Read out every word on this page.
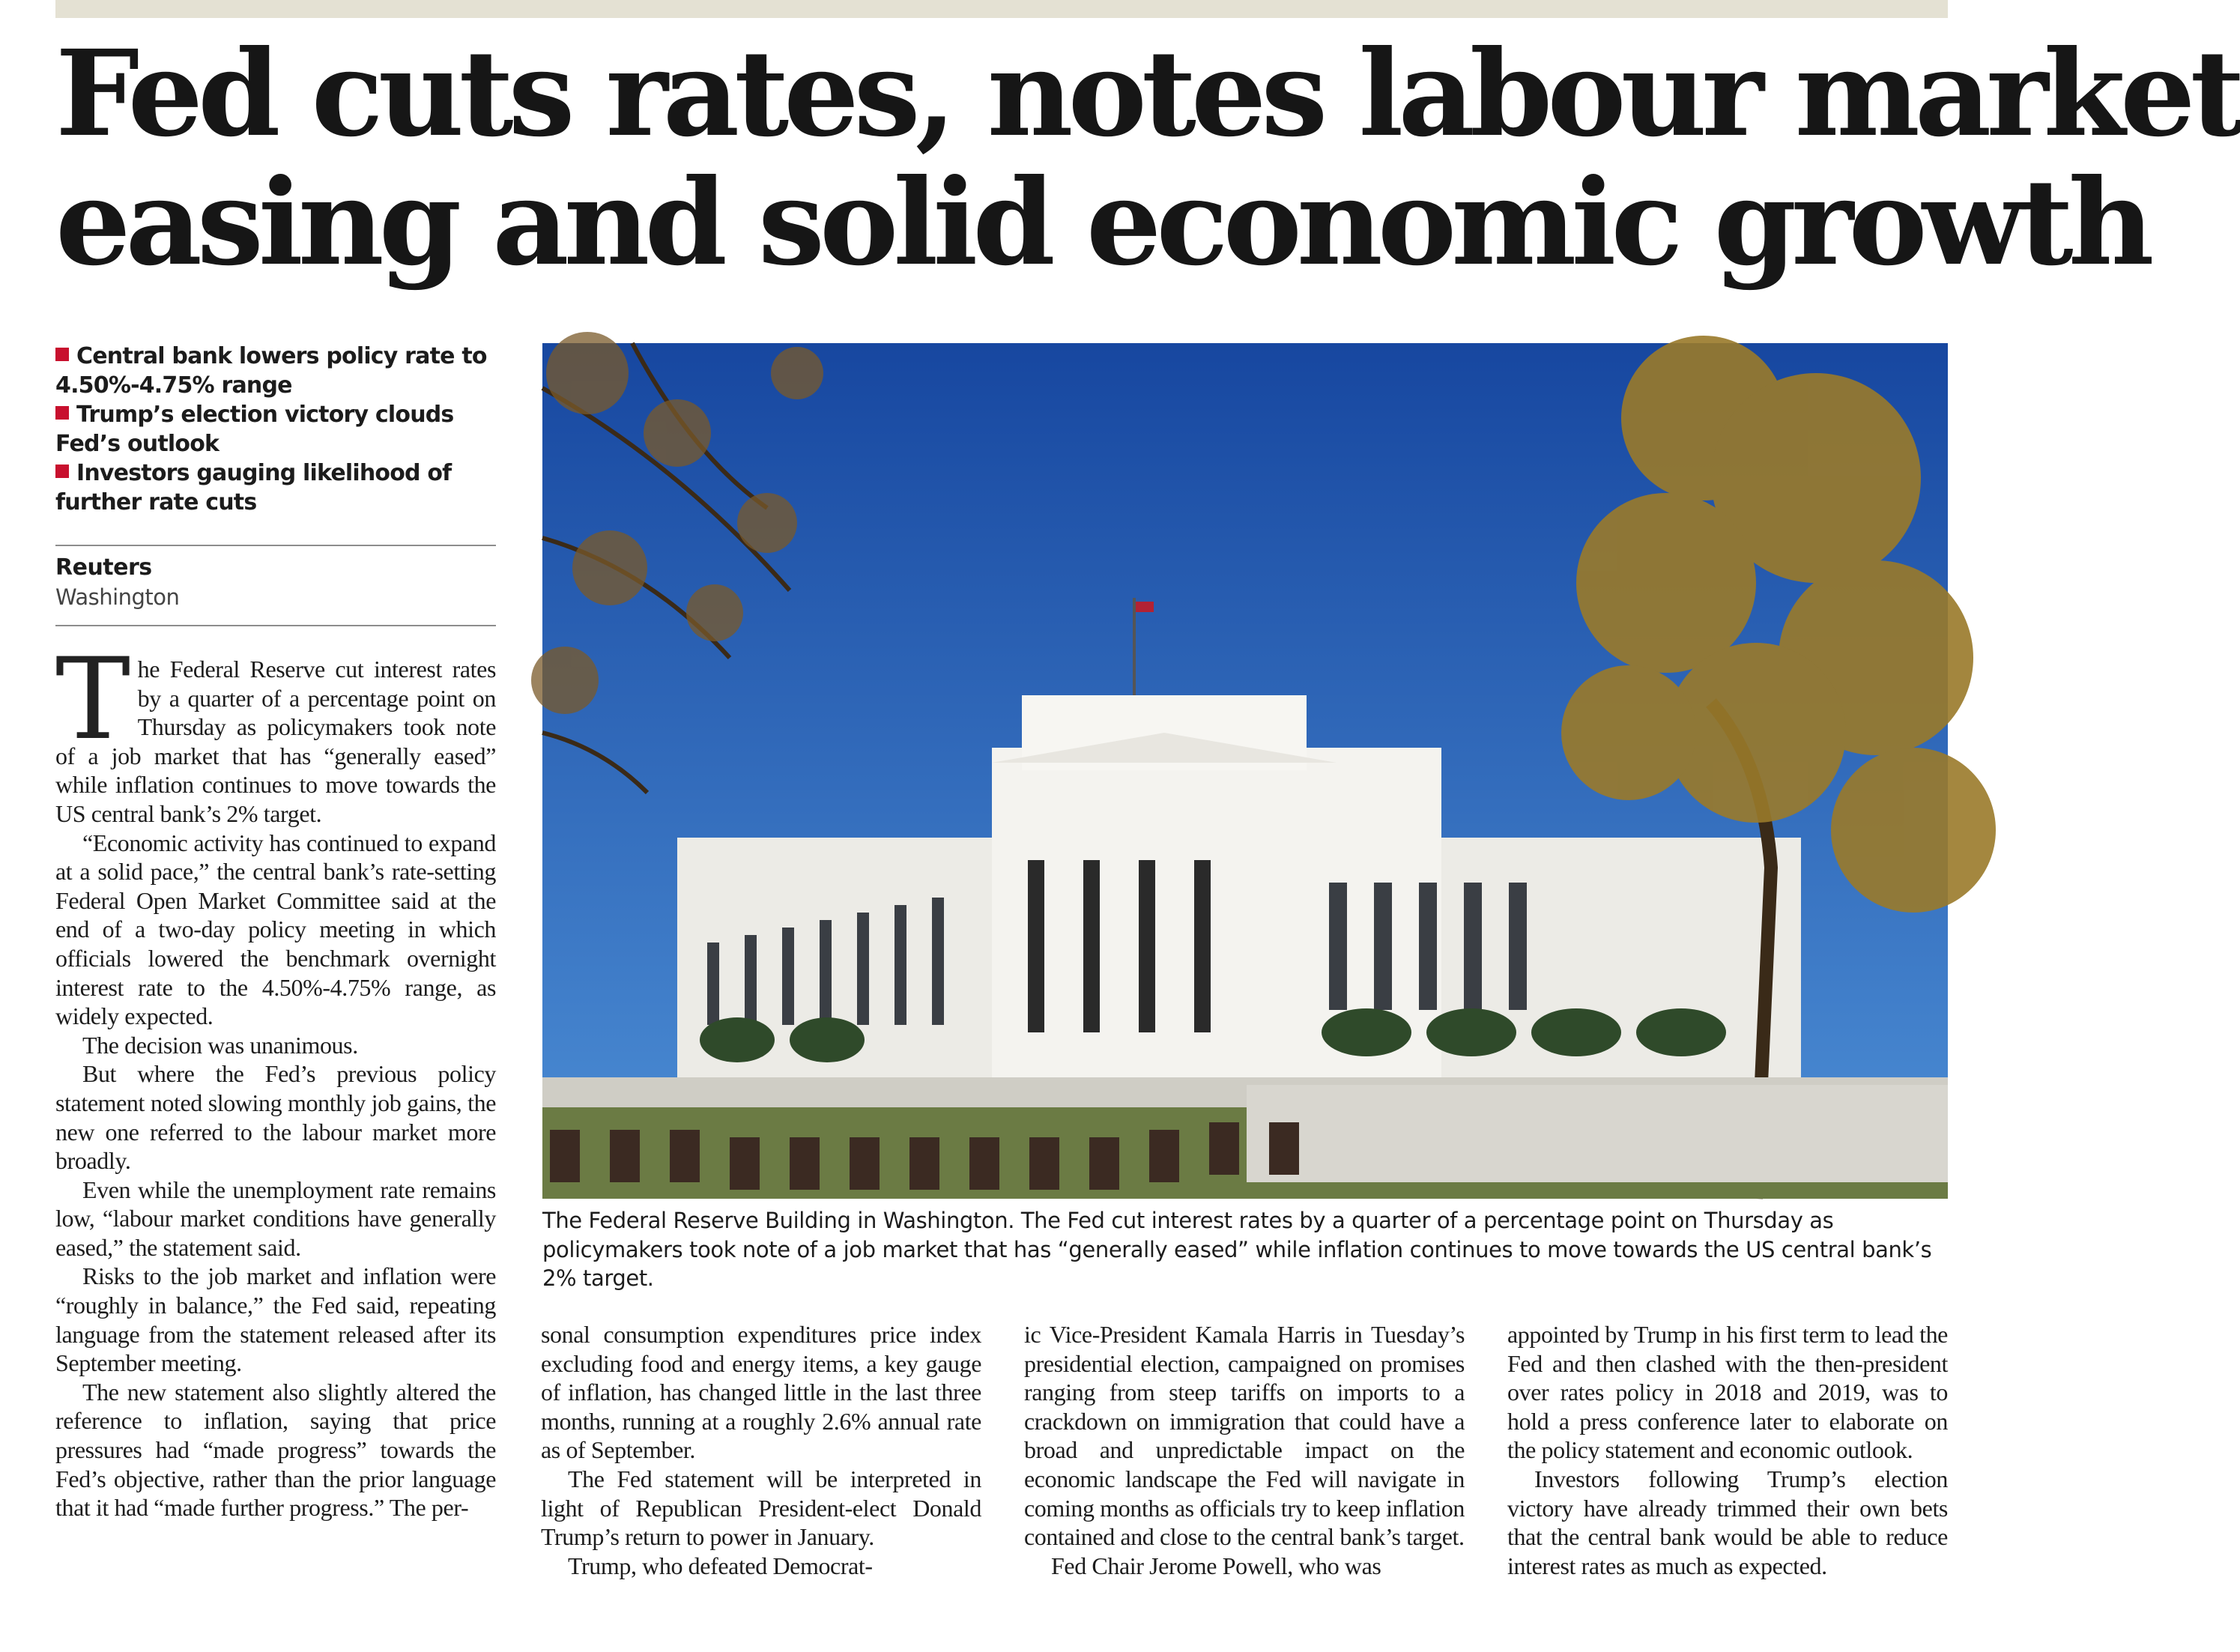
Fed cuts rates, notes labour market
easing and solid economic growth

Central bank lowers policy rate to 4.50%-4.75% range

Trump’s election victory clouds Fed’s outlook

Investors gauging likelihood of further rate cuts

Reuters
Washington
The Federal Reserve Building in Washington. The Fed cut interest rates by a quarter of a percentage point on Thursday as policymakers took note of a job market that has “generally eased” while inflation continues to move towards the US central bank’s 2% target.

The Federal Reserve cut interest rates by a quarter of a percentage point on Thursday as policymakers took note of a job market that has “generally eased” while inflation continues to move towards the US central bank’s 2% target.

“Economic activity has continued to expand at a solid pace,” the central bank’s rate-setting Federal Open Market Committee said at the end of a two-day policy meeting in which officials lowered the benchmark overnight interest rate to the 4.50%-4.75% range, as widely expected.

The decision was unanimous.

But where the Fed’s previous policy statement noted slowing monthly job gains, the new one referred to the labour market more broadly.

Even while the unemployment rate remains low, “labour market conditions have generally eased,” the statement said.

Risks to the job market and inflation were “roughly in balance,” the Fed said, repeating language from the statement released after its September meeting.

The new statement also slightly altered the reference to inflation, saying that price pressures had “made progress” towards the Fed’s objective, rather than the prior language that it had “made further progress.” The per-

sonal consumption expenditures price index excluding food and energy items, a key gauge of inflation, has changed little in the last three months, running at a roughly 2.6% annual rate as of September.

The Fed statement will be interpreted in light of Republican President-elect Donald Trump’s return to power in January.

Trump, who defeated Democrat-

ic Vice-President Kamala Harris in Tuesday’s presidential election, campaigned on promises ranging from steep tariffs on imports to a crackdown on immigration that could have a broad and unpredictable impact on the economic landscape the Fed will navigate in coming months as officials try to keep inflation contained and close to the central bank’s target.

Fed Chair Jerome Powell, who was

appointed by Trump in his first term to lead the Fed and then clashed with the then-president over rates policy in 2018 and 2019, was to hold a press conference later to elaborate on the policy statement and economic outlook.

Investors following Trump’s election victory have already trimmed their own bets that the central bank would be able to reduce interest rates as much as expected.
